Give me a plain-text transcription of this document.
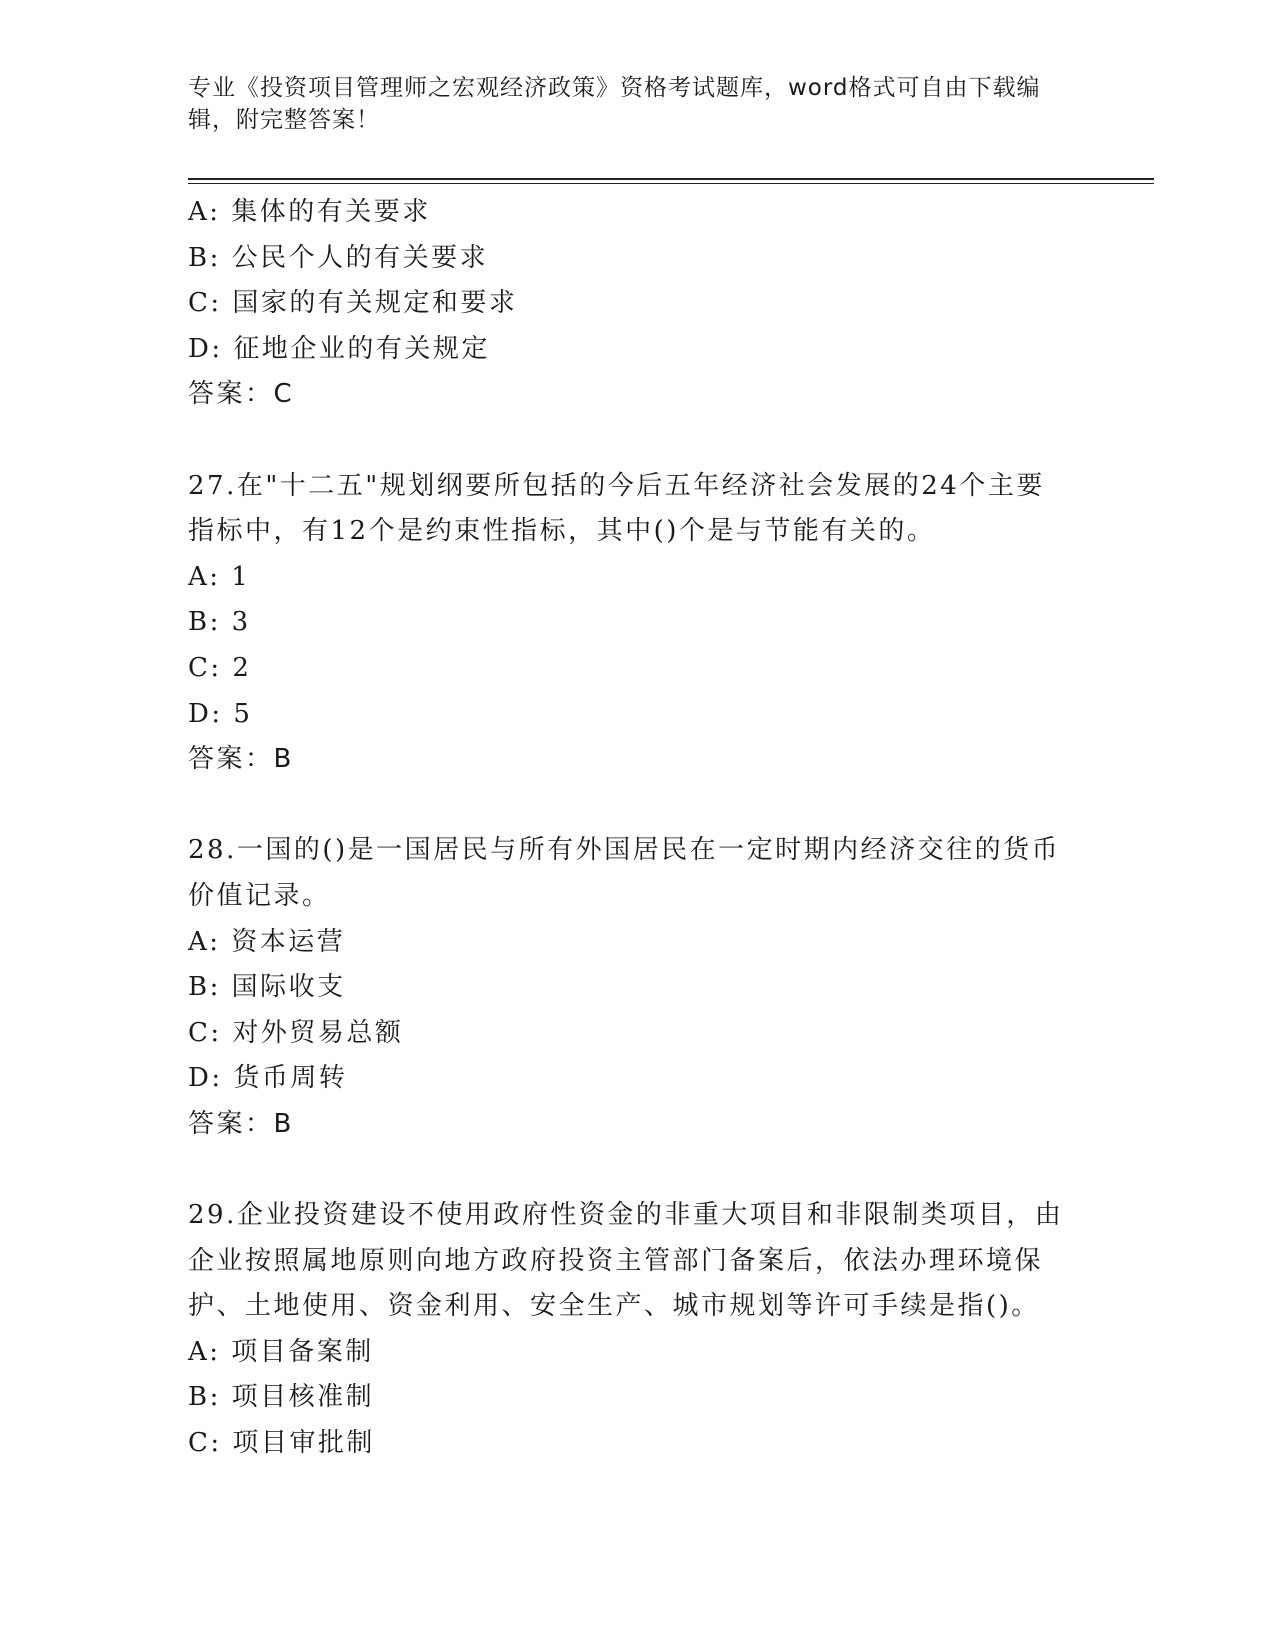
专业《投资项目管理师之宏观经济政策》资格考试题库，word格式可自由下载编辑，附完整答案！
A: 集体的有关要求
B: 公民个人的有关要求
C: 国家的有关规定和要求
D: 征地企业的有关规定
答案：C
27.在"十二五"规划纲要所包括的今后五年经济社会发展的24个主要
指标中，有12个是约束性指标，其中()个是与节能有关的。
A: 1
B: 3
C: 2
D: 5
答案：B
28.一国的()是一国居民与所有外国居民在一定时期内经济交往的货币
价值记录。
A: 资本运营
B: 国际收支
C: 对外贸易总额
D: 货币周转
答案：B
29.企业投资建设不使用政府性资金的非重大项目和非限制类项目，由
企业按照属地原则向地方政府投资主管部门备案后，依法办理环境保
护、土地使用、资金利用、安全生产、城市规划等许可手续是指()。
A: 项目备案制
B: 项目核准制
C: 项目审批制
